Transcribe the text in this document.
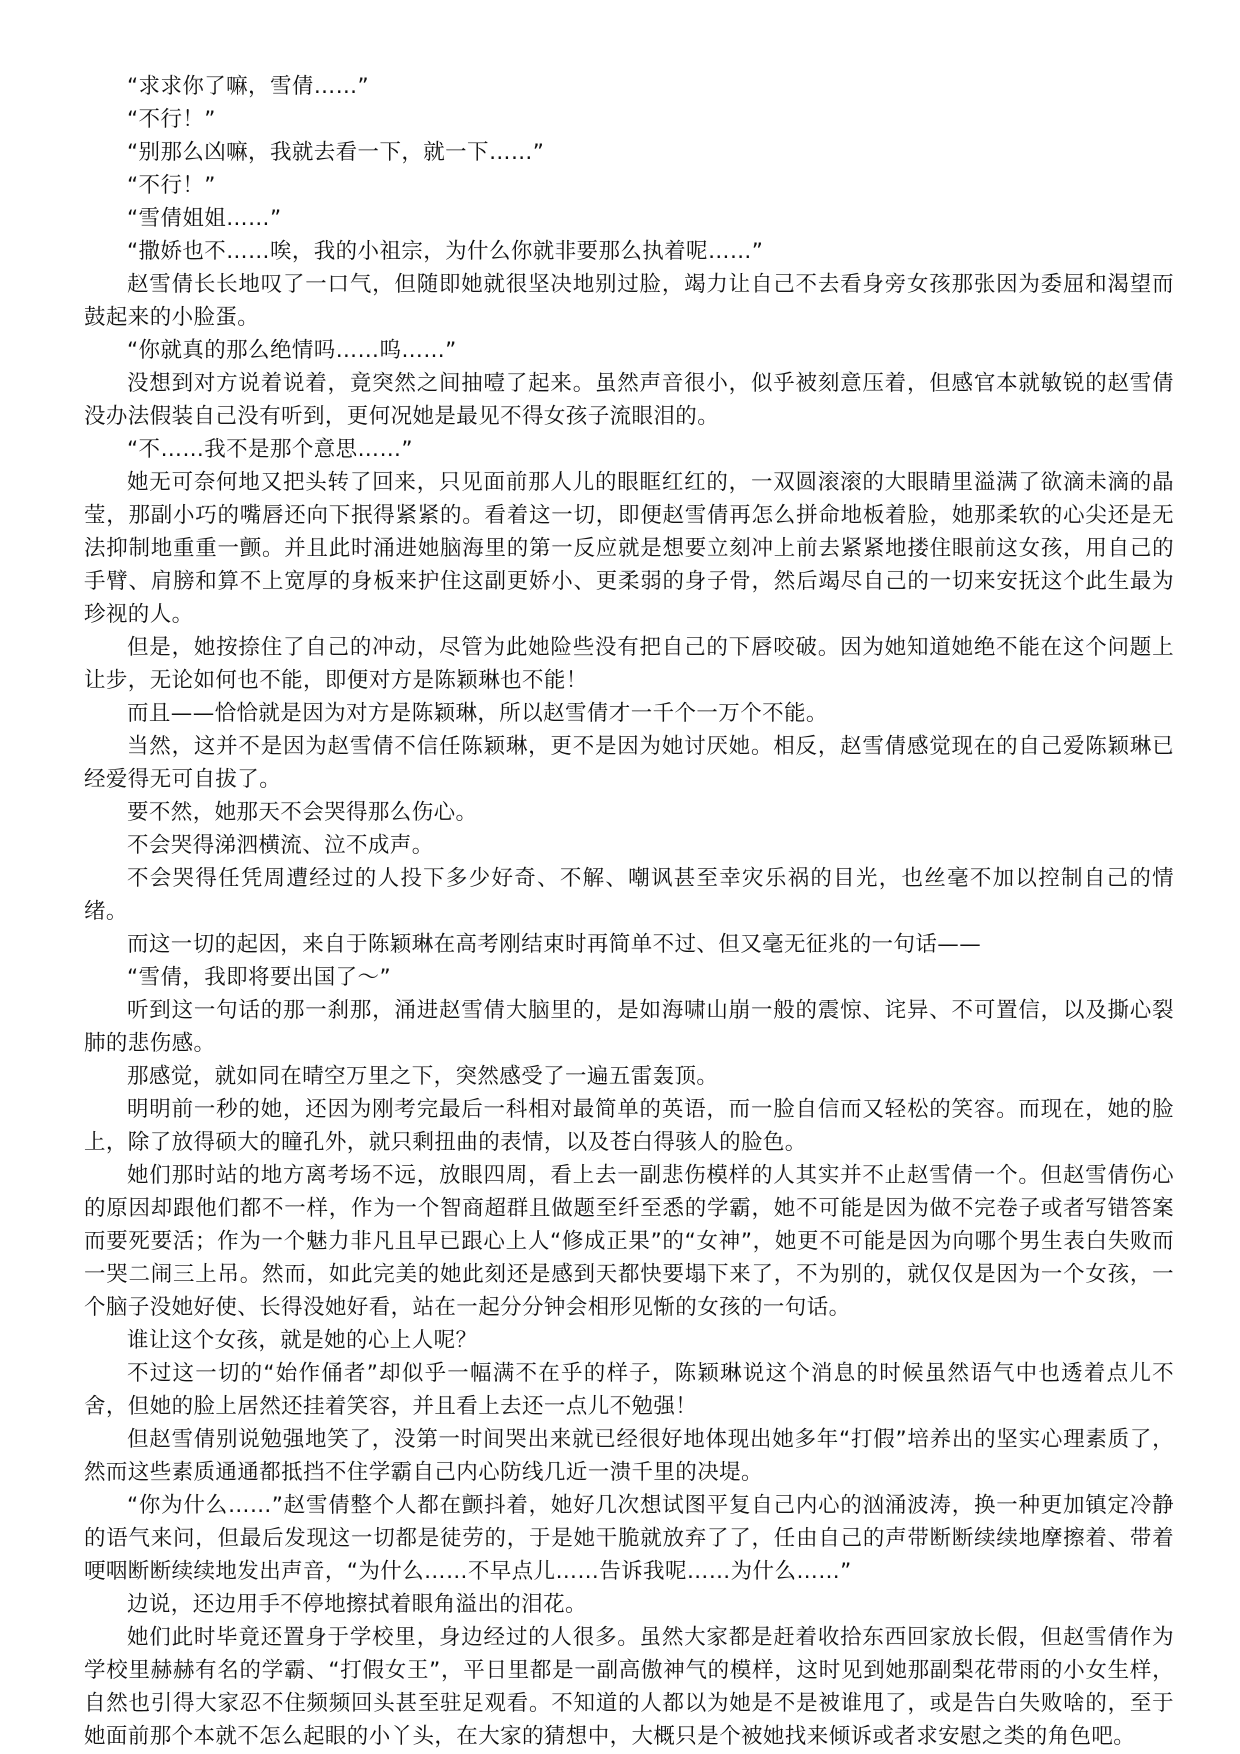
“求求你了嘛，雪倩……”

“不行！”

“别那么凶嘛，我就去看一下，就一下……”

“不行！”

“雪倩姐姐……”

“撒娇也不……唉，我的小祖宗，为什么你就非要那么执着呢……”

赵雪倩长长地叹了一口气，但随即她就很坚决地别过脸，竭力让自己不去看身旁女孩那张因为委屈和渴望而鼓起来的小脸蛋。

“你就真的那么绝情吗……呜……”

没想到对方说着说着，竟突然之间抽噎了起来。虽然声音很小，似乎被刻意压着，但感官本就敏锐的赵雪倩没办法假装自己没有听到，更何况她是最见不得女孩子流眼泪的。

“不……我不是那个意思……”

她无可奈何地又把头转了回来，只见面前那人儿的眼眶红红的，一双圆滚滚的大眼睛里溢满了欲滴未滴的晶莹，那副小巧的嘴唇还向下抿得紧紧的。看着这一切，即便赵雪倩再怎么拼命地板着脸，她那柔软的心尖还是无法抑制地重重一颤。并且此时涌进她脑海里的第一反应就是想要立刻冲上前去紧紧地搂住眼前这女孩，用自己的手臂、肩膀和算不上宽厚的身板来护住这副更娇小、更柔弱的身子骨，然后竭尽自己的一切来安抚这个此生最为珍视的人。

但是，她按捺住了自己的冲动，尽管为此她险些没有把自己的下唇咬破。因为她知道她绝不能在这个问题上让步，无论如何也不能，即便对方是陈颖琳也不能！

而且——恰恰就是因为对方是陈颖琳，所以赵雪倩才一千个一万个不能。

当然，这并不是因为赵雪倩不信任陈颖琳，更不是因为她讨厌她。相反，赵雪倩感觉现在的自己爱陈颖琳已经爱得无可自拔了。

要不然，她那天不会哭得那么伤心。

不会哭得涕泗横流、泣不成声。

不会哭得任凭周遭经过的人投下多少好奇、不解、嘲讽甚至幸灾乐祸的目光，也丝毫不加以控制自己的情绪。

而这一切的起因，来自于陈颖琳在高考刚结束时再简单不过、但又毫无征兆的一句话——

“雪倩，我即将要出国了～”

听到这一句话的那一刹那，涌进赵雪倩大脑里的，是如海啸山崩一般的震惊、诧异、不可置信，以及撕心裂肺的悲伤感。

那感觉，就如同在晴空万里之下，突然感受了一遍五雷轰顶。

明明前一秒的她，还因为刚考完最后一科相对最简单的英语，而一脸自信而又轻松的笑容。而现在，她的脸上，除了放得硕大的瞳孔外，就只剩扭曲的表情，以及苍白得骇人的脸色。

她们那时站的地方离考场不远，放眼四周，看上去一副悲伤模样的人其实并不止赵雪倩一个。但赵雪倩伤心的原因却跟他们都不一样，作为一个智商超群且做题至纤至悉的学霸，她不可能是因为做不完卷子或者写错答案而要死要活；作为一个魅力非凡且早已跟心上人“修成正果”的“女神”，她更不可能是因为向哪个男生表白失败而一哭二闹三上吊。然而，如此完美的她此刻还是感到天都快要塌下来了，不为别的，就仅仅是因为一个女孩，一个脑子没她好使、长得没她好看，站在一起分分钟会相形见惭的女孩的一句话。

谁让这个女孩，就是她的心上人呢？

不过这一切的“始作俑者”却似乎一幅满不在乎的样子，陈颖琳说这个消息的时候虽然语气中也透着点儿不舍，但她的脸上居然还挂着笑容，并且看上去还一点儿不勉强！

但赵雪倩别说勉强地笑了，没第一时间哭出来就已经很好地体现出她多年“打假”培养出的坚实心理素质了，然而这些素质通通都抵挡不住学霸自己内心防线几近一溃千里的决堤。

“你为什么……”赵雪倩整个人都在颤抖着，她好几次想试图平复自己内心的汹涌波涛，换一种更加镇定冷静的语气来问，但最后发现这一切都是徒劳的，于是她干脆就放弃了了，任由自己的声带断断续续地摩擦着、带着哽咽断断续续地发出声音，“为什么……不早点儿……告诉我呢……为什么……”

边说，还边用手不停地擦拭着眼角溢出的泪花。

她们此时毕竟还置身于学校里，身边经过的人很多。虽然大家都是赶着收拾东西回家放长假，但赵雪倩作为学校里赫赫有名的学霸、“打假女王”，平日里都是一副高傲神气的模样，这时见到她那副梨花带雨的小女生样，自然也引得大家忍不住频频回头甚至驻足观看。不知道的人都以为她是不是被谁甩了，或是告白失败啥的，至于她面前那个本就不怎么起眼的小丫头，在大家的猜想中，大概只是个被她找来倾诉或者求安慰之类的角色吧。
